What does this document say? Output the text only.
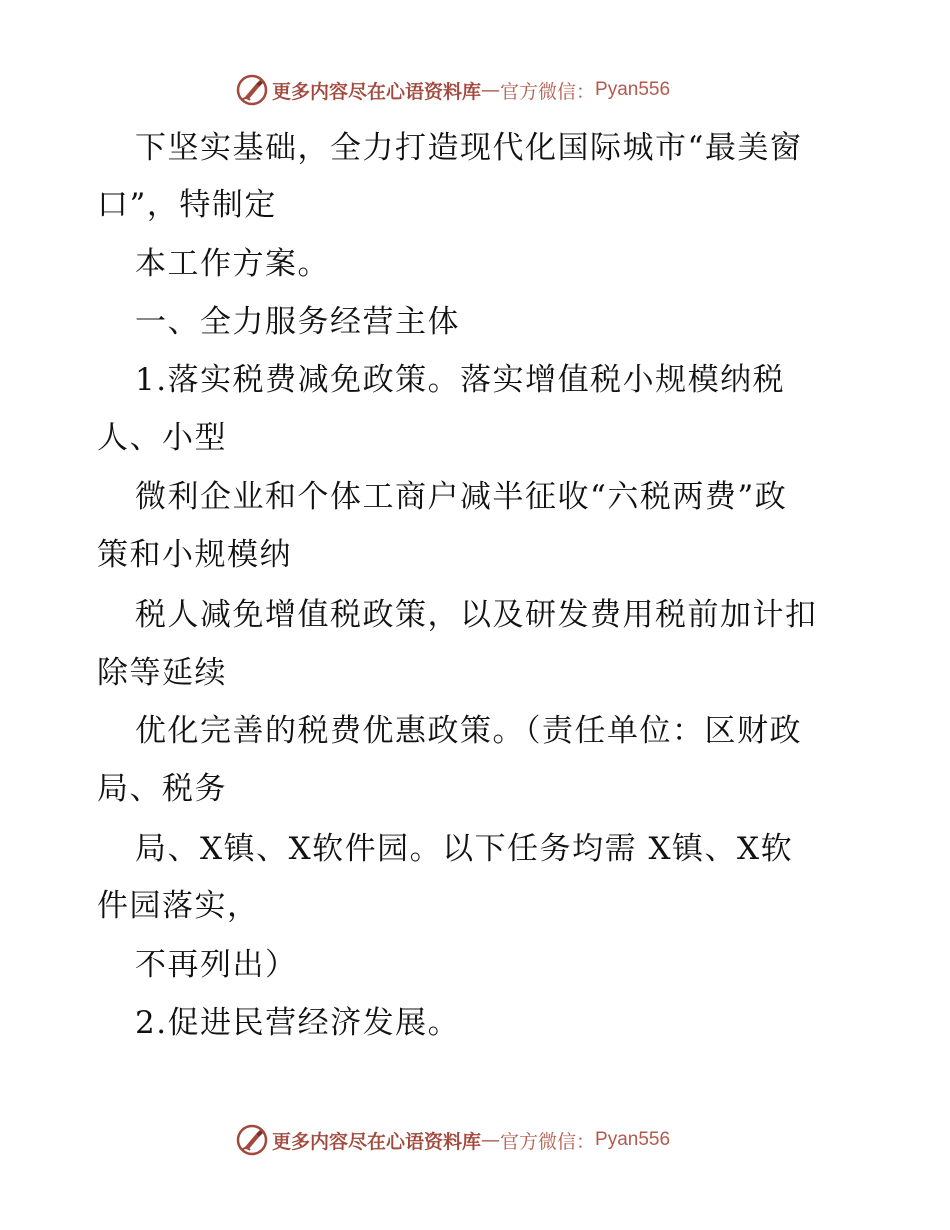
更多内容尽在心语资料库 — 官方微信： Pyan556
下坚实基础，全力打造现代化国际城市“最美窗
口”，特制定
本工作方案。
一、全力服务经营主体
1.落实税费减免政策。落实增值税小规模纳税
人、小型
微利企业和个体工商户减半征收“六税两费”政
策和小规模纳
税人减免增值税政策，以及研发费用税前加计扣
除等延续
优化完善的税费优惠政策。（责任单位：区财政
局、税务
局、X镇、X软件园。以下任务均需 X镇、X软
件园落实，
不再列出）
2.促进民营经济发展。
更多内容尽在心语资料库 — 官方微信： Pyan556
